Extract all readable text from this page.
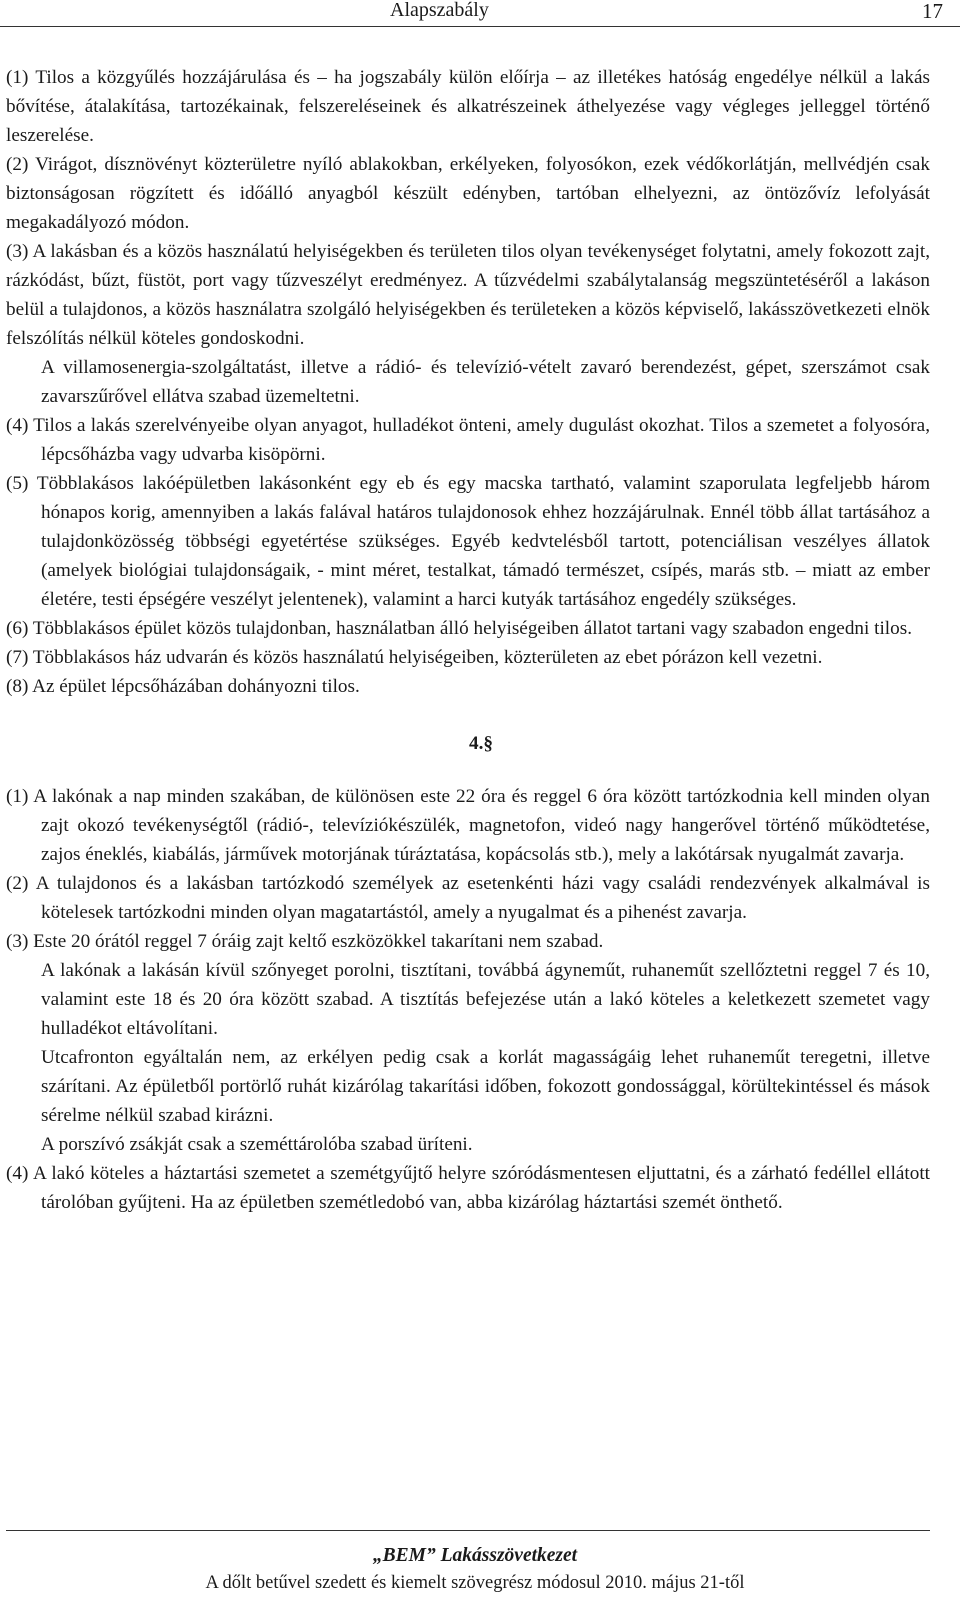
Alapszabály	17

(1) Tilos a közgyűlés hozzájárulása és – ha jogszabály külön előírja – az illetékes hatóság engedélye nélkül a lakás bővítése, átalakítása, tartozékainak, felszereléseinek és alkatrészeinek áthelyezése vagy végleges jelleggel történő leszerelése.

(2) Virágot, dísznövényt közterületre nyíló ablakokban, erkélyeken, folyosókon, ezek védőkorlátján, mellvédjén csak biztonságosan rögzített és időálló anyagból készült edényben, tartóban elhelyezni, az öntözővíz lefolyását megakadályozó módon.

(3) A lakásban és a közös használatú helyiségekben és területen tilos olyan tevékenységet folytatni, amely fokozott zajt, rázkódást, bűzt, füstöt, port vagy tűzveszélyt eredményez. A tűzvédelmi szabálytalanság megszüntetéséről a lakáson belül a tulajdonos, a közös használatra szolgáló helyiségekben és területeken a közös képviselő, lakásszövetkezeti elnök felszólítás nélkül köteles gondoskodni.

A villamosenergia-szolgáltatást, illetve a rádió- és televízió-vételt zavaró berendezést, gépet, szerszámot csak zavarszűrővel ellátva szabad üzemeltetni.

(4) Tilos a lakás szerelvényeibe olyan anyagot, hulladékot önteni, amely dugulást okozhat. Tilos a szemetet a folyosóra, lépcsőházba vagy udvarba kisöpörni.

(5) Többlakásos lakóépületben lakásonként egy eb és egy macska tartható, valamint szaporulata legfeljebb három hónapos korig, amennyiben a lakás falával határos tulajdonosok ehhez hozzájárulnak. Ennél több állat tartásához a tulajdonközösség többségi egyetértése szükséges. Egyéb kedvtelésből tartott, potenciálisan veszélyes állatok (amelyek biológiai tulajdonságaik, - mint méret, testalkat, támadó természet, csípés, marás stb. – miatt az ember életére, testi épségére veszélyt jelentenek), valamint a harci kutyák tartásához engedély szükséges.

(6) Többlakásos épület közös tulajdonban, használatban álló helyiségeiben állatot tartani vagy szabadon engedni tilos.

(7) Többlakásos ház udvarán és közös használatú helyiségeiben, közterületen az ebet pórázon kell vezetni.

(8) Az épület lépcsőházában dohányozni tilos.

4.§

(1) A lakónak a nap minden szakában, de különösen este 22 óra és reggel 6 óra között tartózkodnia kell minden olyan zajt okozó tevékenységtől (rádió-, televíziókészülék, magnetofon, videó nagy hangerővel történő működtetése, zajos éneklés, kiabálás, járművek motorjának túráztatása, kopácsolás stb.), mely a lakótársak nyugalmát zavarja.

(2) A tulajdonos és a lakásban tartózkodó személyek az esetenkénti házi vagy családi rendezvények alkalmával is kötelesek tartózkodni minden olyan magatartástól, amely a nyugalmat és a pihenést zavarja.

(3) Este 20 órától reggel 7 óráig zajt keltő eszközökkel takarítani nem szabad.

A lakónak a lakásán kívül szőnyeget porolni, tisztítani, továbbá ágyneműt, ruhaneműt szellőztetni reggel 7 és 10, valamint este 18 és 20 óra között szabad. A tisztítás befejezése után a lakó köteles a keletkezett szemetet vagy hulladékot eltávolítani.

Utcafronton egyáltalán nem, az erkélyen pedig csak a korlát magasságáig lehet ruhaneműt teregetni, illetve szárítani. Az épületből portörlő ruhát kizárólag takarítási időben, fokozott gondossággal, körültekintéssel és mások sérelme nélkül szabad kirázni.

A porszívó zsákját csak a szeméttárolóba szabad üríteni.

(4) A lakó köteles a háztartási szemetet a szemétgyűjtő helyre szóródásmentesen eljuttatni, és a zárható fedéllel ellátott tárolóban gyűjteni. Ha az épületben szemétledobó van, abba kizárólag háztartási szemét önthető.

„BEM” Lakásszövetkezet
A dőlt betűvel szedett és kiemelt szövegrész módosul 2010. május 21-től
